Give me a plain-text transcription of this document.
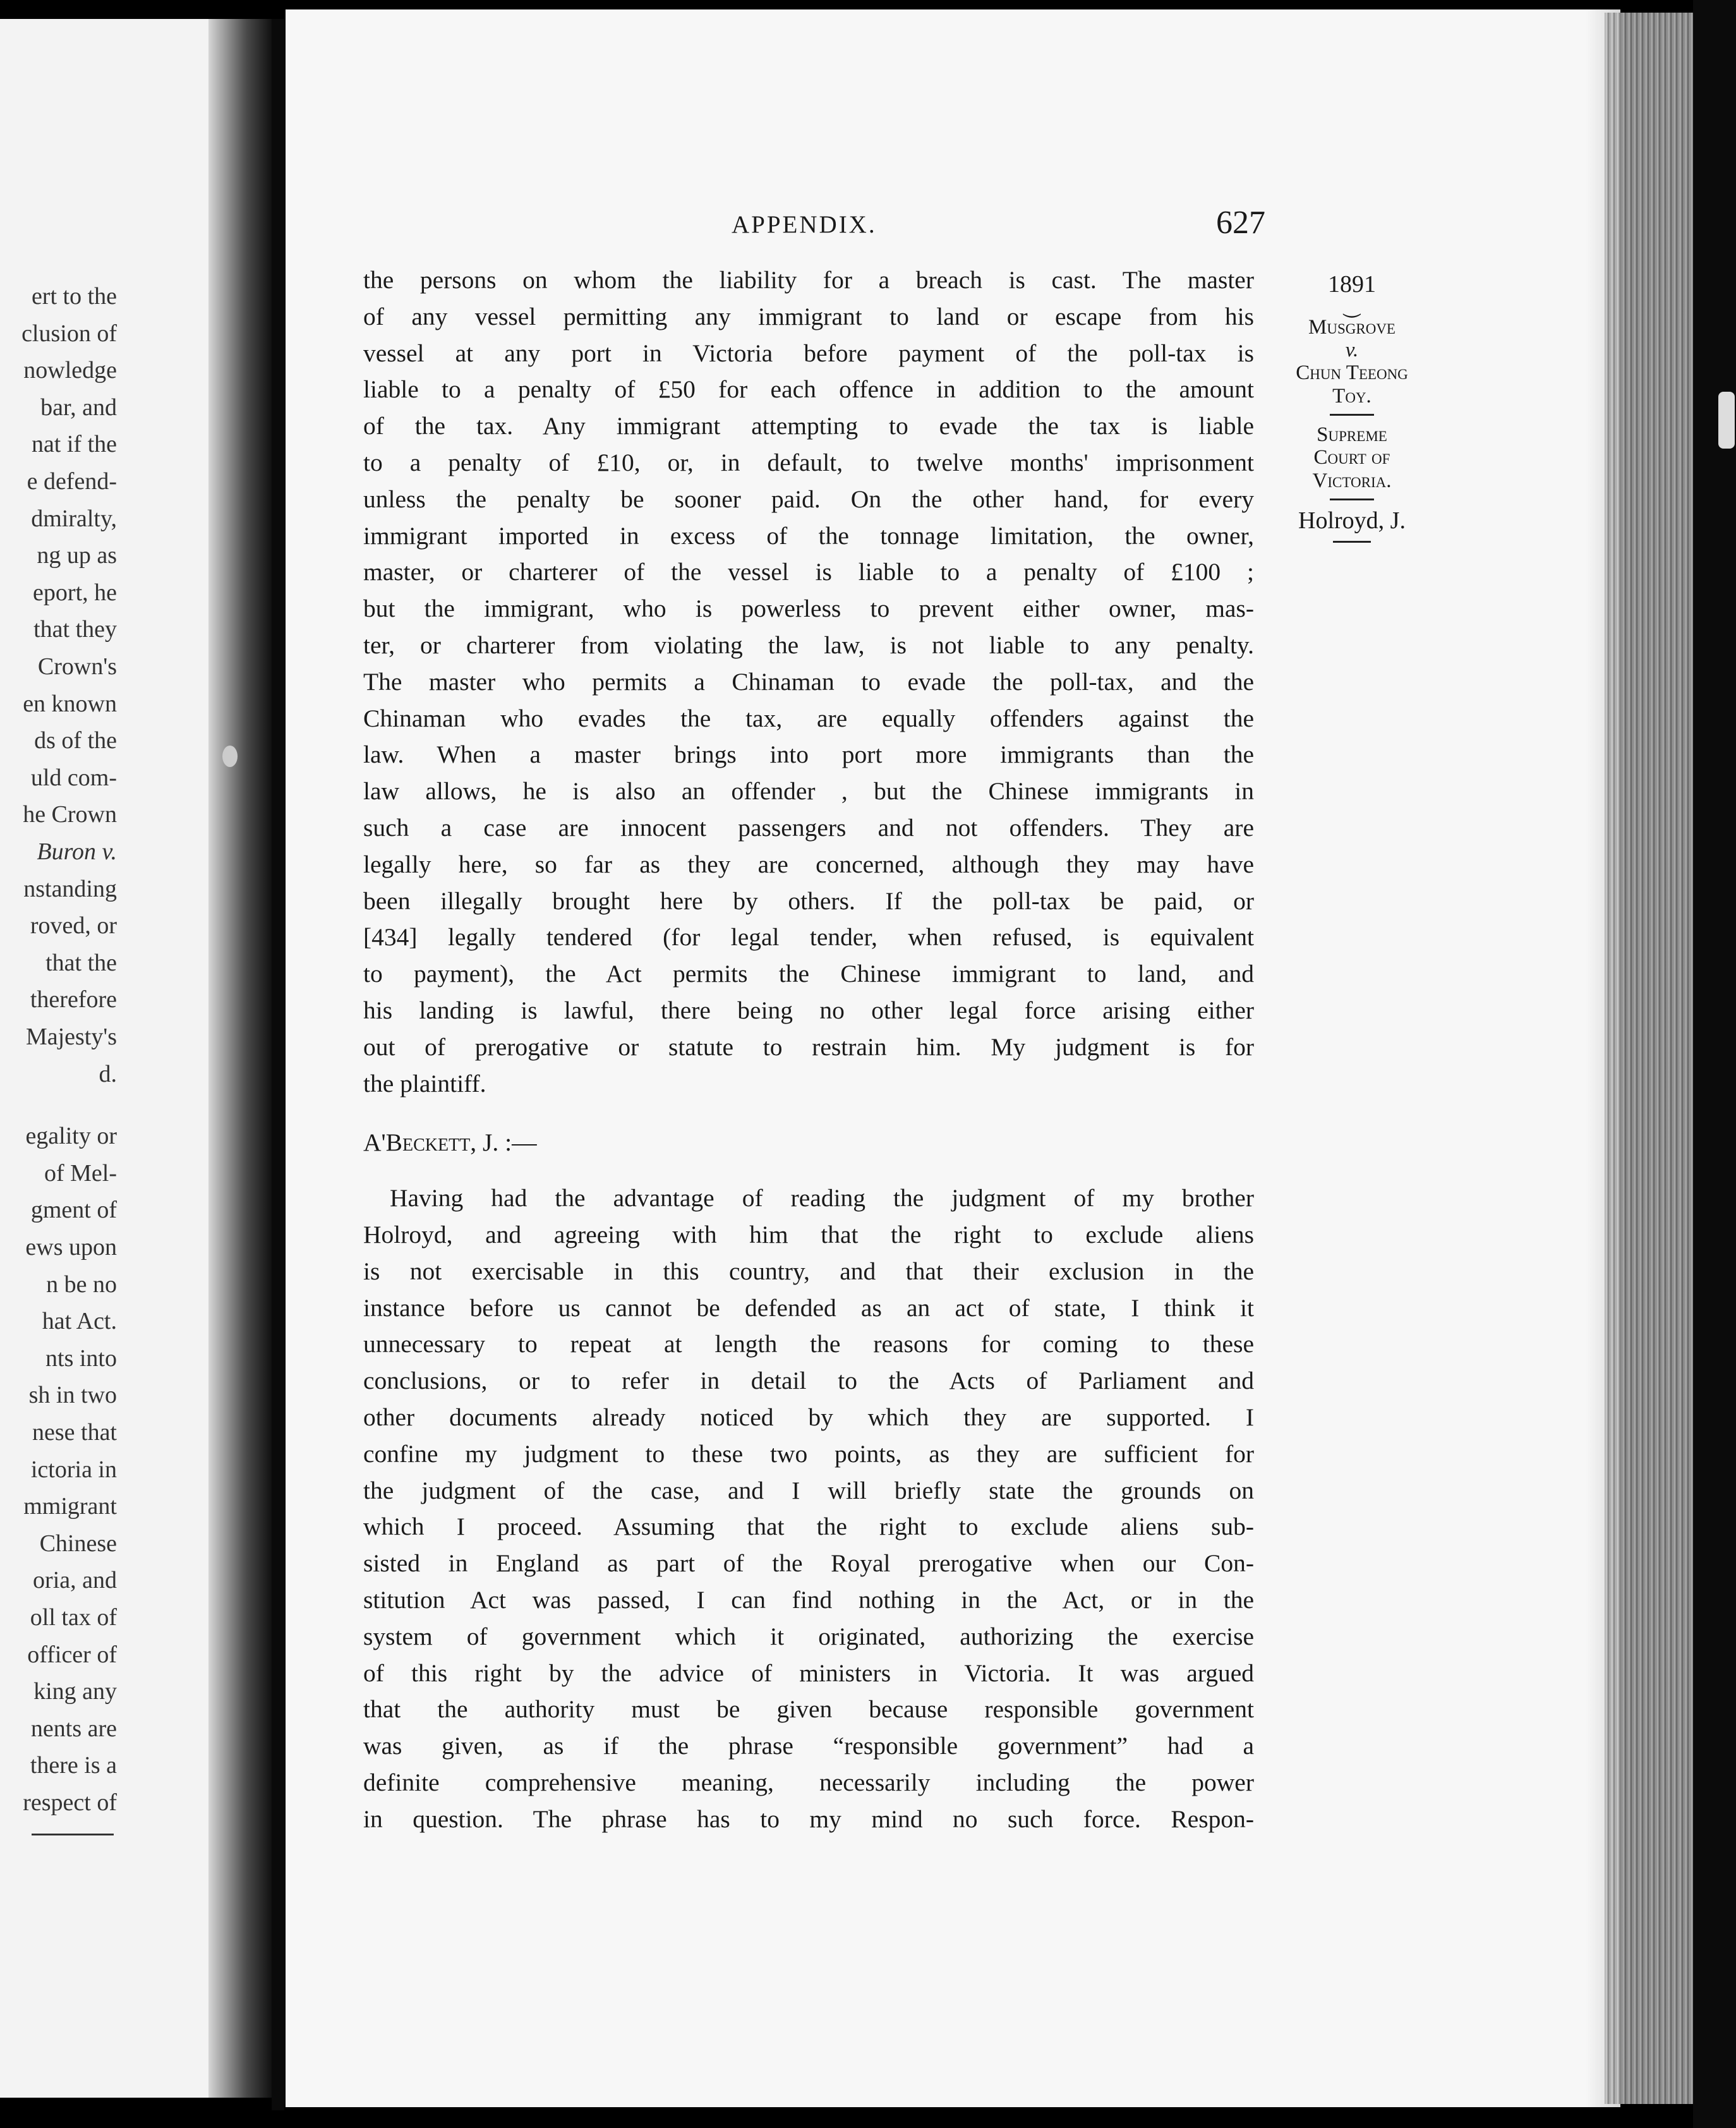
ert to the
clusion of
nowledge
bar, and
nat if the
e defend-
dmiralty,
ng up as
eport, he
that they
Crown's
en known
ds of the
uld com-
he Crown
Buron v.
nstanding
roved, or
that the
therefore
Majesty's
d.
egality or
of Mel-
gment of
ews upon
n be no
hat Act.
nts into
sh in two
nese that
ictoria in
mmigrant
Chinese
oria, and
oll tax of
officer of
king any
nents are
there is a
respect of
APPENDIX.	627
the persons on whom the liability for a breach is cast. The master
of any vessel permitting any immigrant to land or escape from his
vessel at any port in Victoria before payment of the poll-tax is
liable to a penalty of £50 for each offence in addition to the amount
of the tax. Any immigrant attempting to evade the tax is liable
to a penalty of £10, or, in default, to twelve months' imprisonment
unless the penalty be sooner paid. On the other hand, for every
immigrant imported in excess of the tonnage limitation, the owner,
master, or charterer of the vessel is liable to a penalty of £100 ;
but the immigrant, who is powerless to prevent either owner, mas-
ter, or charterer from violating the law, is not liable to any penalty.
The master who permits a Chinaman to evade the poll-tax, and the
Chinaman who evades the tax, are equally offenders against the
law. When a master brings into port more immigrants than the
law allows, he is also an offender , but the Chinese immigrants in
such a case are innocent passengers and not offenders. They are
legally here, so far as they are concerned, although they may have
been illegally brought here by others. If the poll-tax be paid, or
[434] legally tendered (for legal tender, when refused, is equivalent
to payment), the Act permits the Chinese immigrant to land, and
his landing is lawful, there being no other legal force arising either
out of prerogative or statute to restrain him. My judgment is for
the plaintiff.
A'Beckett, J. :—
Having had the advantage of reading the judgment of my brother
Holroyd, and agreeing with him that the right to exclude aliens
is not exercisable in this country, and that their exclusion in the
instance before us cannot be defended as an act of state, I think it
unnecessary to repeat at length the reasons for coming to these
conclusions, or to refer in detail to the Acts of Parliament and
other documents already noticed by which they are supported. I
confine my judgment to these two points, as they are sufficient for
the judgment of the case, and I will briefly state the grounds on
which I proceed. Assuming that the right to exclude aliens sub-
sisted in England as part of the Royal prerogative when our Con-
stitution Act was passed, I can find nothing in the Act, or in the
system of government which it originated, authorizing the exercise
of this right by the advice of ministers in Victoria. It was argued
that the authority must be given because responsible government
was given, as if the phrase “responsible government” had a
definite comprehensive meaning, necessarily including the power
in question. The phrase has to my mind no such force. Respon-
1891
⏝
Musgrove
v.
Chun Teeong
Toy.
Supreme
Court of
Victoria.
Holroyd, J.
